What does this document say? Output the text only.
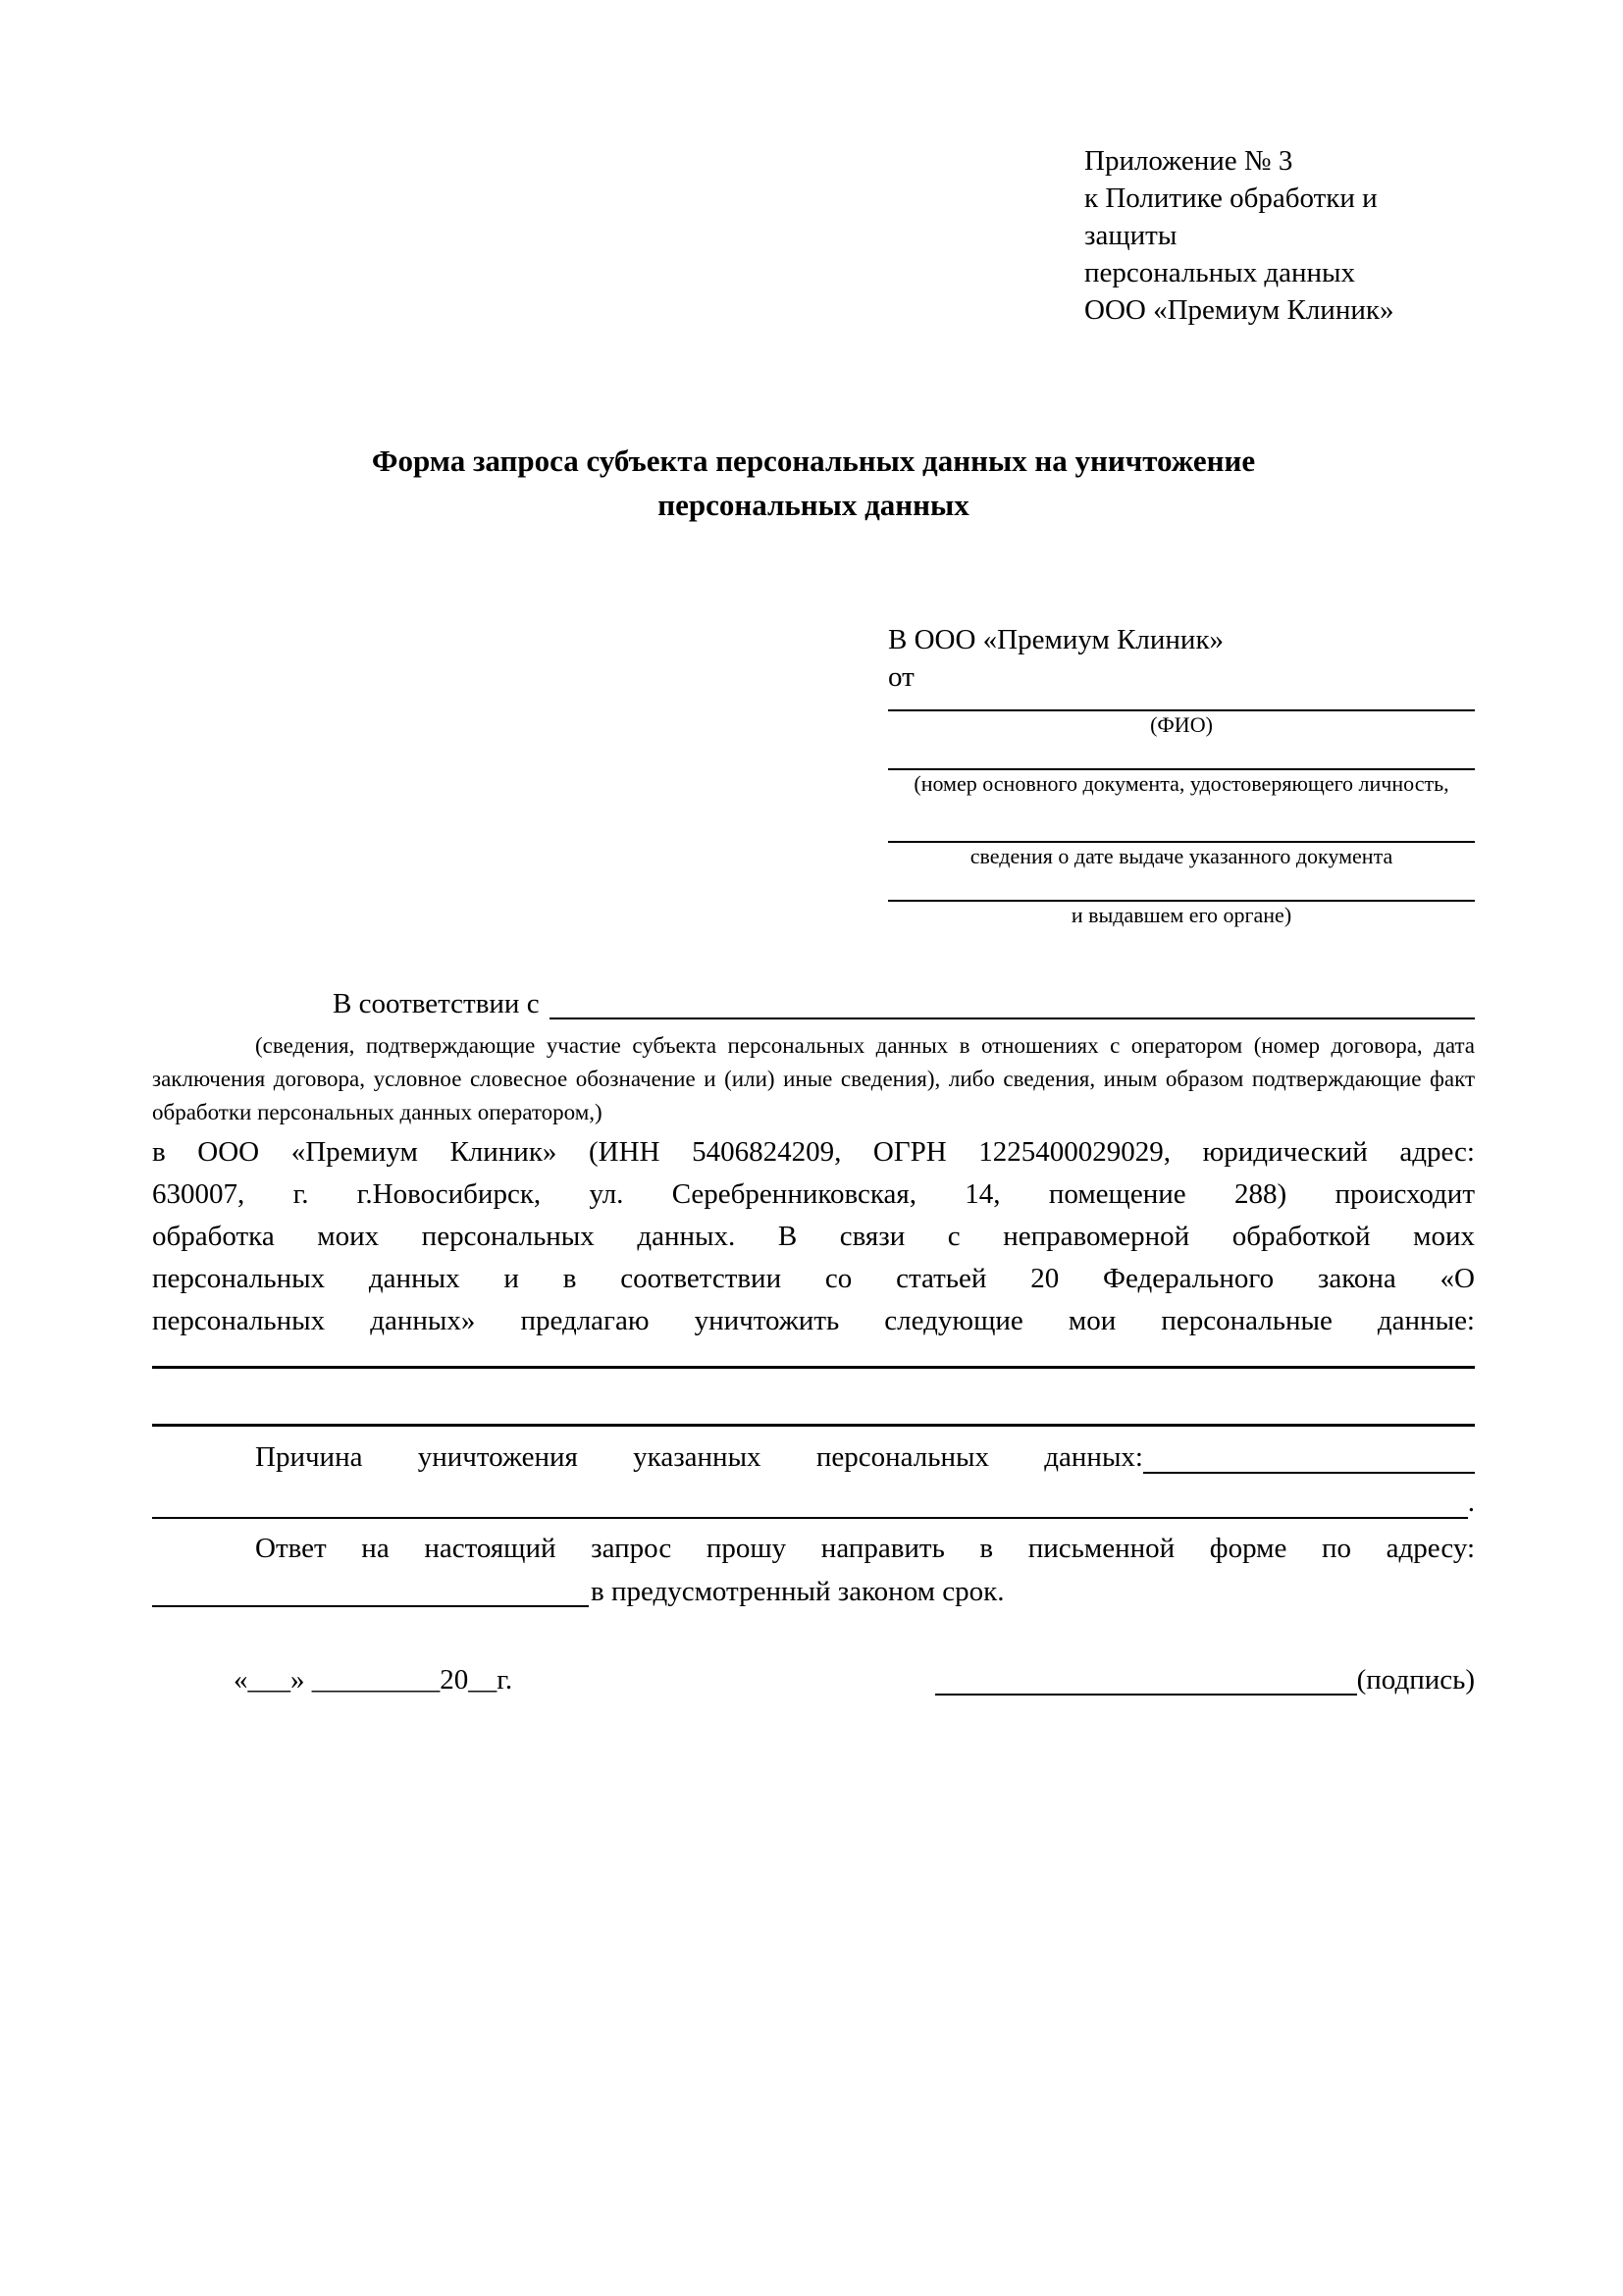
Приложение № 3
к Политике обработки и защиты
персональных данных
ООО «Премиум Клиник»
Форма запроса субъекта персональных данных на уничтожение
персональных данных
В ООО «Премиум Клиник»
от
(ФИО)
(номер основного документа, удостоверяющего личность,
сведения о дате выдаче указанного документа
и выдавшем его органе)
В соответствии с
(сведения, подтверждающие участие субъекта персональных данных в отношениях с оператором (номер договора, дата
заключения договора, условное словесное обозначение и (или) иные сведения), либо сведения, иным образом подтверждающие факт
обработки персональных данных оператором,)
в ООО «Премиум Клиник» (ИНН 5406824209, ОГРН 1225400029029, юридический адрес:
630007, г. г.Новосибирск, ул. Серебренниковская, 14, помещение 288) происходит
обработка моих персональных данных. В связи с неправомерной обработкой моих
персональных данных и в соответствии со статьей 20 Федерального закона «О
персональных данных» предлагаю уничтожить следующие мои персональные данные:
Причина уничтожения указанных персональных данных:
.
Ответ на настоящий запрос прошу направить в письменной форме по адресу:
в предусмотренный законом срок.
«___» _________20__г.	(подпись)
